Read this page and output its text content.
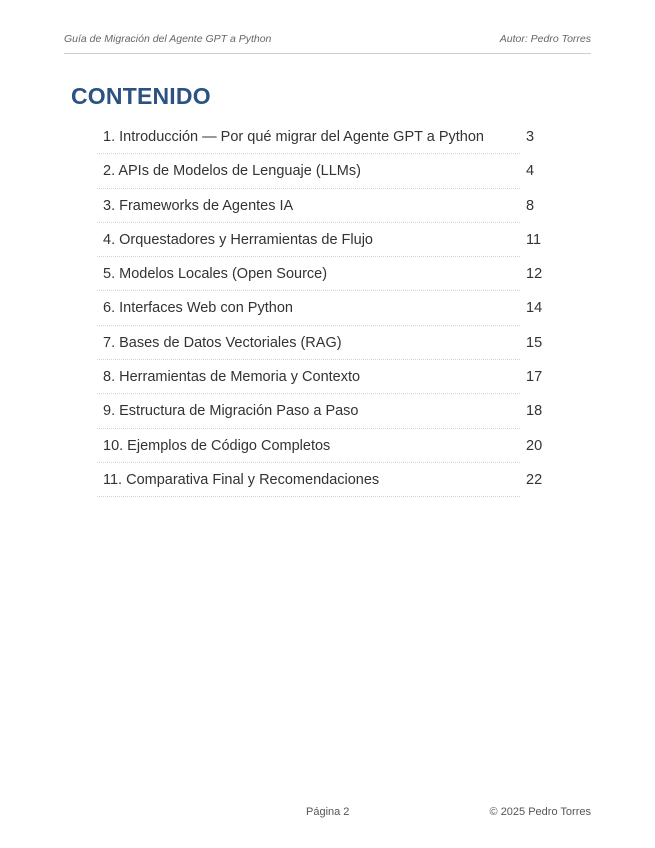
Guía de Migración del Agente GPT a Python	Autor: Pedro Torres
CONTENIDO
1. Introducción — Por qué migrar del Agente GPT a Python	3
2. APIs de Modelos de Lenguaje (LLMs)	4
3. Frameworks de Agentes IA	8
4. Orquestadores y Herramientas de Flujo	11
5. Modelos Locales (Open Source)	12
6. Interfaces Web con Python	14
7. Bases de Datos Vectoriales (RAG)	15
8. Herramientas de Memoria y Contexto	17
9. Estructura de Migración Paso a Paso	18
10. Ejemplos de Código Completos	20
11. Comparativa Final y Recomendaciones	22
Página 2	© 2025 Pedro Torres
